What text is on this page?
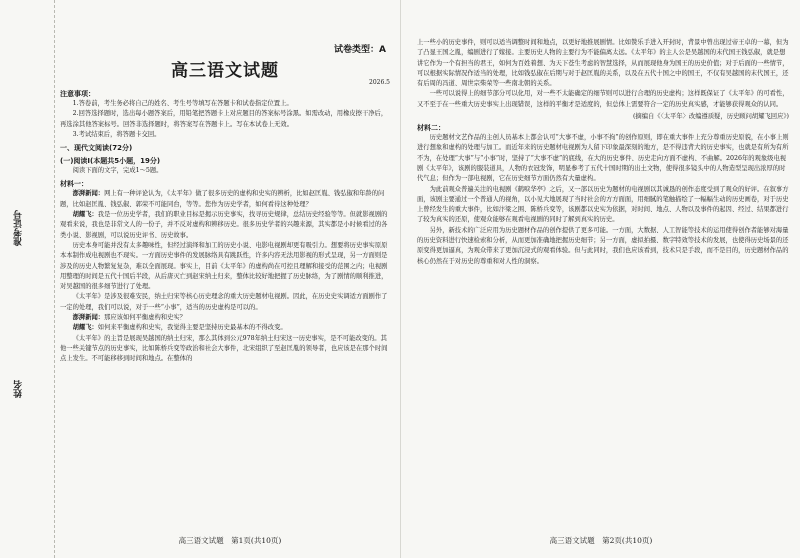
准考证号
姓名
试卷类型：A
高三语文试题
2026.5
注意事项：

1.答卷前，考生务必将自己的姓名、考生号等填写在答题卡和试卷指定位置上。

2.回答选择题时，选出每小题答案后，用铅笔把答题卡上对应题目的答案标号涂黑。如需改动，用橡皮擦干净后，再选涂其他答案标号。回答非选择题时，将答案写在答题卡上。写在本试卷上无效。

3.考试结束后，将答题卡交回。

一、现代文阅读(72分)
(一)阅读Ⅰ(本题共5小题，19分)

阅读下面的文字，完成1～5题。

材料一：

澎湃新闻：网上有一种评论认为，《太平年》做了很多历史的虚构和史实的辨析，比如赵匡胤、钱弘俶和年龄的问题，比如赵匡胤、钱弘俶、郭荣不可能同台，等等。您作为历史学者，如何看待这种处理？

胡耀飞：我是一位历史学者，我们的职业目标是揭示历史事实，找寻历史规律，总结历史经验等等。但就影视剧的观看来说，我也是非常文人的一份子，并不反对虚构和辨移历史。很多历史学者的兴趣来源，其实都是小时候看过的各类小说、影视剧，可以说历史评书、历史故事。

历史本身可能并没有太多趣味性，但经过演绎和加工的历史小说、电影电视剧却更有吸引力。想要将历史事实原原本本制作成电视剧也不现实。一方面历史事件的发展脉络具有跳跃性，许多内容无法用影视的形式呈现，另一方面则是涉及的历史人物繁复复杂，难以全面展现。事实上，目前《太平年》的虚构尚在可控且理解和接受的范围之内；电视剧用整理的时间是五代十国后半段，从后唐灭亡到赵宋纳土归来，整体比较好地把握了历史脉络，为了剧情的顺利推进，对吴越国的很多细节进行了处理。

《太平年》是涉及很难安民，纳土归宋等核心历史理念的重大历史题材电视剧。因此，在历史史实调适方面剧作了一定的处理，我们可以说，对于一些“小事”，适当的历史虚构是可以的。

澎湃新闻：那应该如何平衡虚构和史实？

胡耀飞：如何来平衡虚构和史实，我觉得主要是坚持历史最基本的不得改变。

《太平年》的主旨是展现吴越国的纳土归宋，那么其体到公元978年纳土归宋这一历史事实，是不可能改变的。其他一些关键节点的历史事实，比如陈桥兵变等政治和社会大事件，北宋组织了至赵匡胤的领导者，也应该是在那个时间点上发生。不可能移移到时间和地点。在整体的

高三语文试题　第1页(共10页)

上一些小的历史事件，则可以适当调整时间和地点，以更好地推展剧情。比如赞乐手进入开封时，背景中曾出现过帝王卓的一幕，但为了凸显王国之胤，编剧进行了嫁接。主要历史人物的主要行为不能偏离太远。《太平年》的主人公是吴越国的末代国王钱弘俶，就是想讲它作为一个有担当的君王，如何为百姓着想、为天下苍生考虑的智慧选择，从而展现他身为国王的历史价值；对于后面的一些情节，可以根据实际情况作适当的处理，比如钱弘俶在后期与对于赵匡胤的关系，以及在五代十国之中的国王，不仅有吴越国的末代国王，还有后周的冯道、周世宗柴荣等一些南北朝的关系。

一些可以说得上的细节部分可以化用，对一些不太能确定的细节则可以进行合理的历史虚构；这样既保证了《太平年》的可看性，又不至于在一些重大历史事实上出现错误，这样的平衡才是适度的，但总体上需要符合一定的历史真实感，才能够获得观众的认同。

(摘编自《〈太平年〉改编遵质疑，历史顾问胡耀飞回应》)
材料二：

历史题材文艺作品的主创人员基本上都会认可“大事不虚，小事不拘”的创作原则，即在重大事件上充分尊重历史原貌，在小事上则进行想象和虚构的处理与加工。而近年来的历史题材电视剧为人留下印象最深刻的地方，是不得违背大的历史事实，也就是有所为有所不为，在处理“大事”与“小事”时，坚持了“大事不虚”的底线，在大的历史事件、历史走向方面不虚构、不曲解。2026年的观象级电视剧《太平年》，该剧的服装道具，人物的衣冠发饰，明显参考了五代十国时期的出土文物，使得很多镜头中的人物造型呈现出浓厚的时代气息；但作为一部电视剧，它在历史细节方面仍然有大量虚构。

为此前观众普遍关注的电视剧《鹤唳华亭》之后，又一部以历史为题材的电视剧以其诚恳的创作态度受到了观众的好评。在叙事方面，该剧主要通过一个普通人的视角，以小见大地展现了当时社会的方方面面，用细腻的笔触描绘了一幅幅生动的历史画卷，对于历史上曾经发生的重大事件，比如汴梁之围、陈桥兵变等，该剧都以史实为依据，对时间、地点、人物以及事件的起因、经过、结果都进行了较为真实的还原，使观众能够在观看电视剧的同时了解到真实的历史。

另外，新技术的广泛应用为历史题材作品的创作提供了更多可能。一方面，大数据、人工智能等技术的运用使得创作者能够对海量的历史资料进行快速检索和分析，从而更加准确地把握历史细节；另一方面，虚拟拍摄、数字特效等技术的发展，也使得历史场景的还原变得更加逼真，为观众带来了更加沉浸式的观看体验。但与此同时，我们也应该看到，技术只是手段，而不是目的，历史题材作品的核心仍然在于对历史的尊重和对人性的洞察。

高三语文试题　第2页(共10页)
